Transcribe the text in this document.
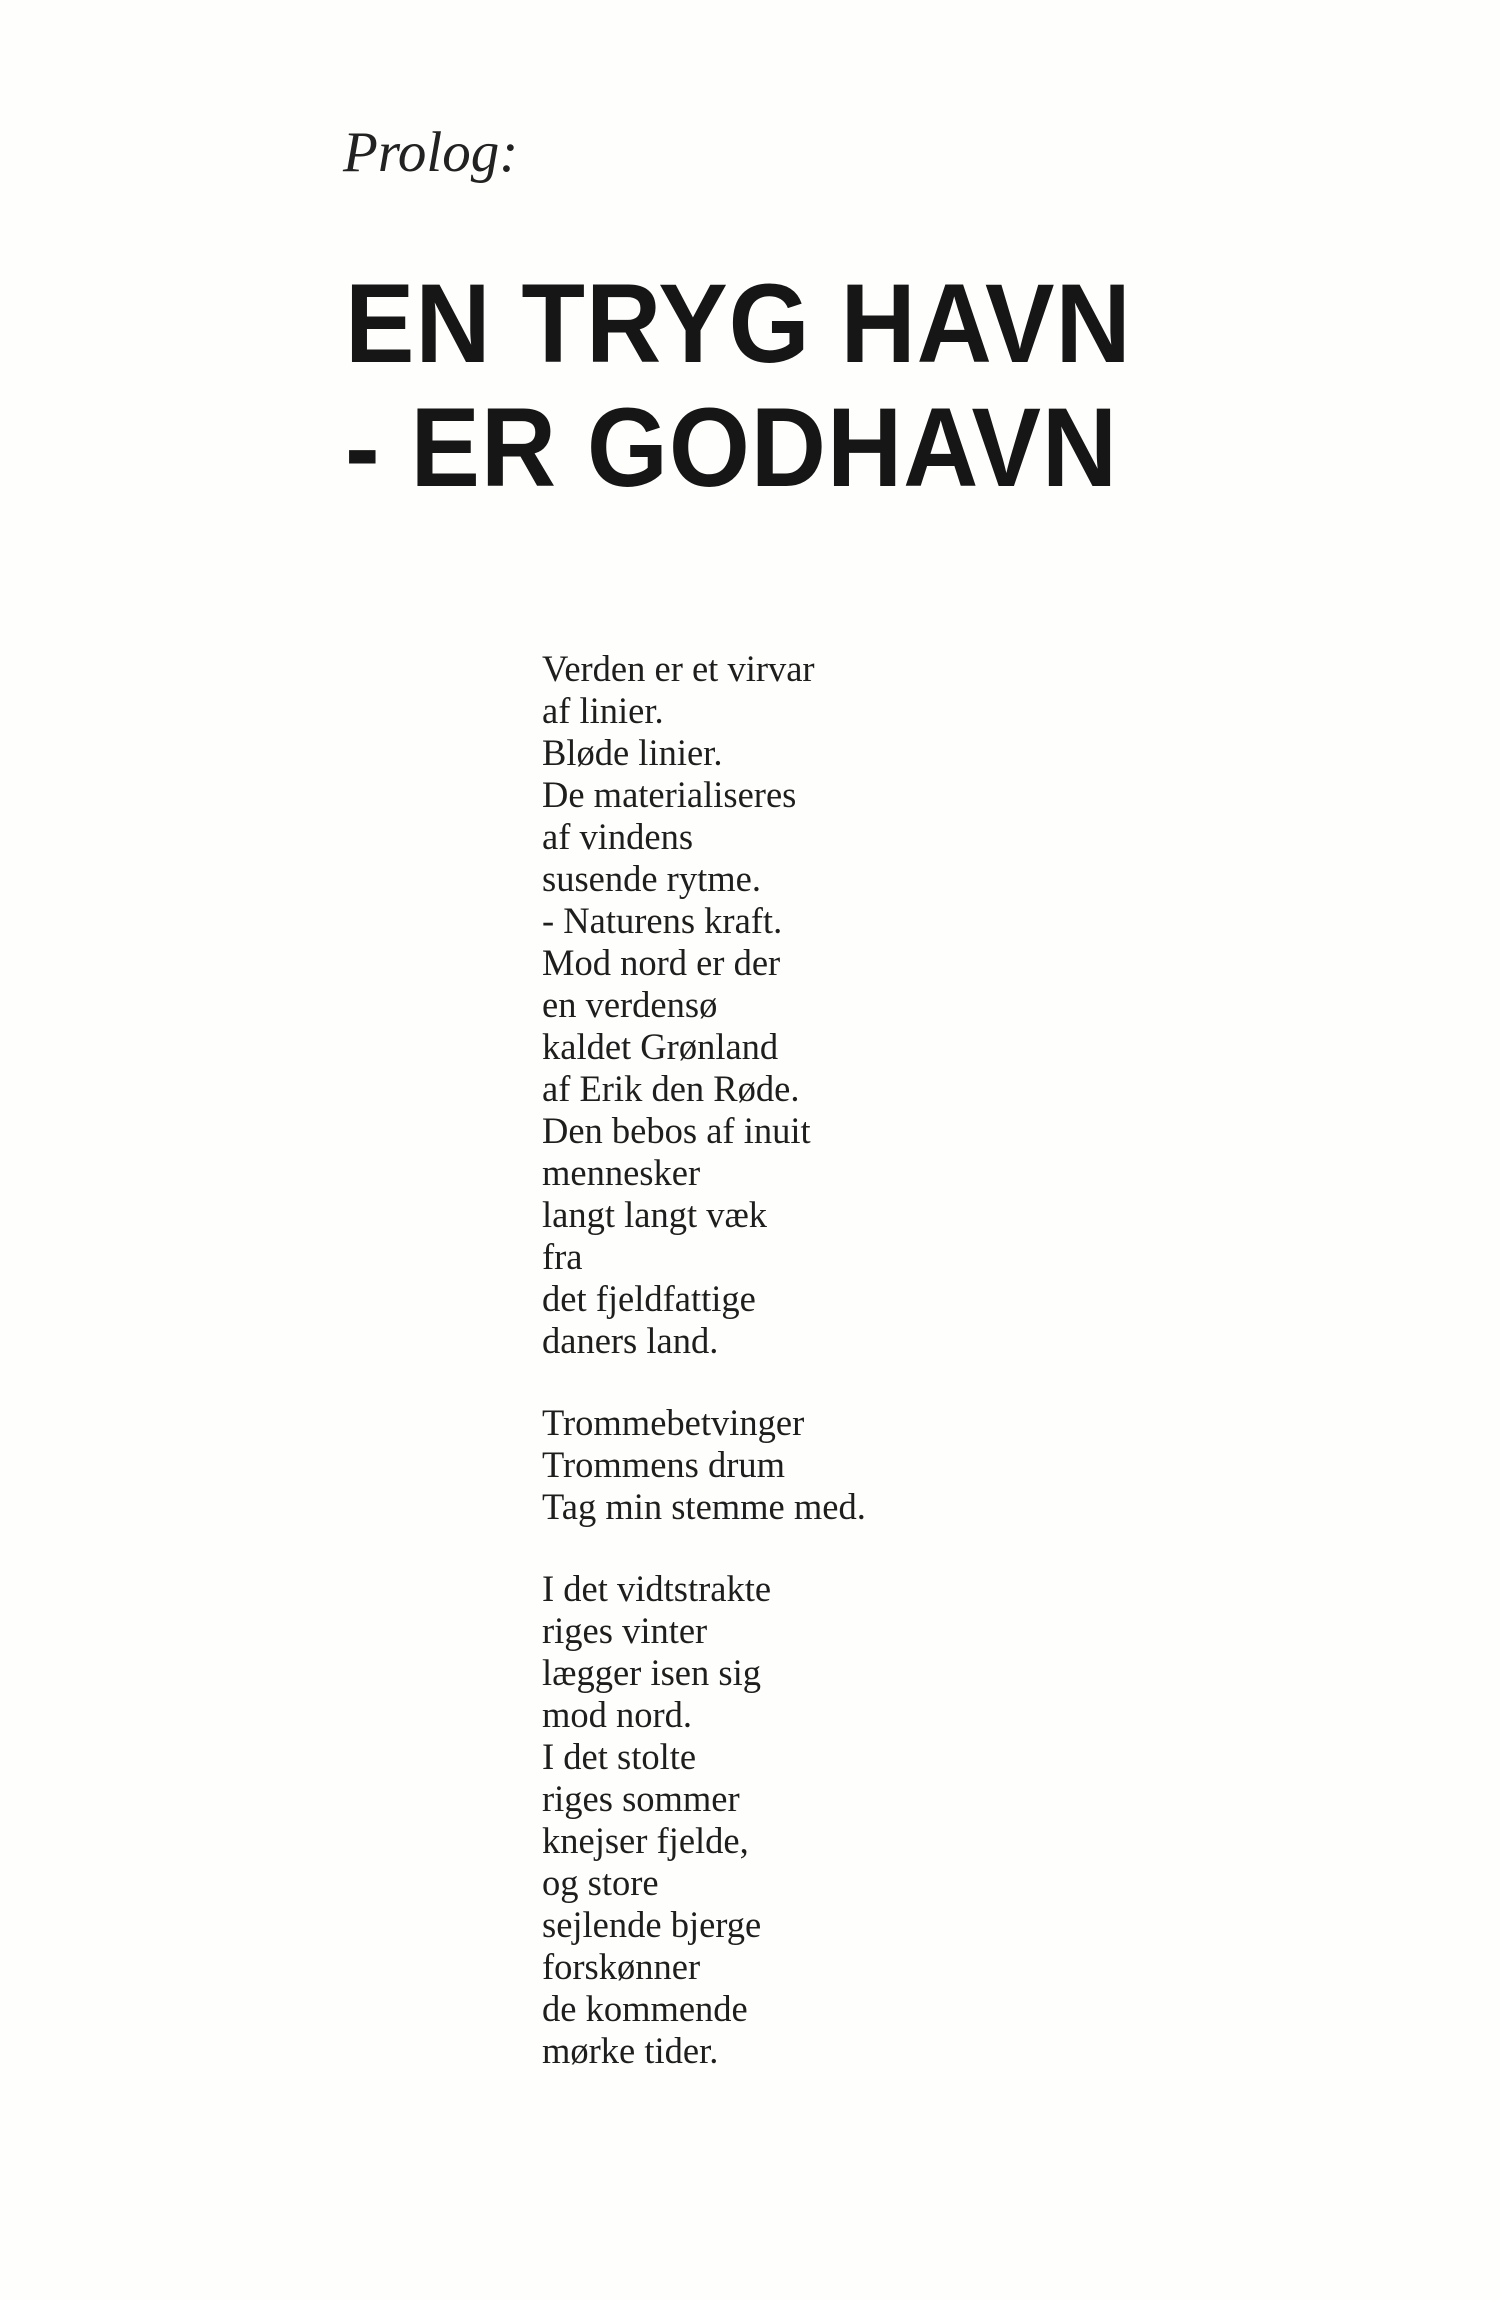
Prolog:

EN TRYG HAVN
- ER GODHAVN
Verden er et virvar
af linier.
Bløde linier.
De materialiseres
af vindens
susende rytme.
- Naturens kraft.
Mod nord er der
en verdensø
kaldet Grønland
af Erik den Røde.
Den bebos af inuit
mennesker
langt langt væk
fra
det fjeldfattige
daners land.
Trommebetvinger
Trommens drum
Tag min stemme med.
I det vidtstrakte
riges vinter
lægger isen sig
mod nord.
I det stolte
riges sommer
knejser fjelde,
og store
sejlende bjerge
forskønner
de kommende
mørke tider.
